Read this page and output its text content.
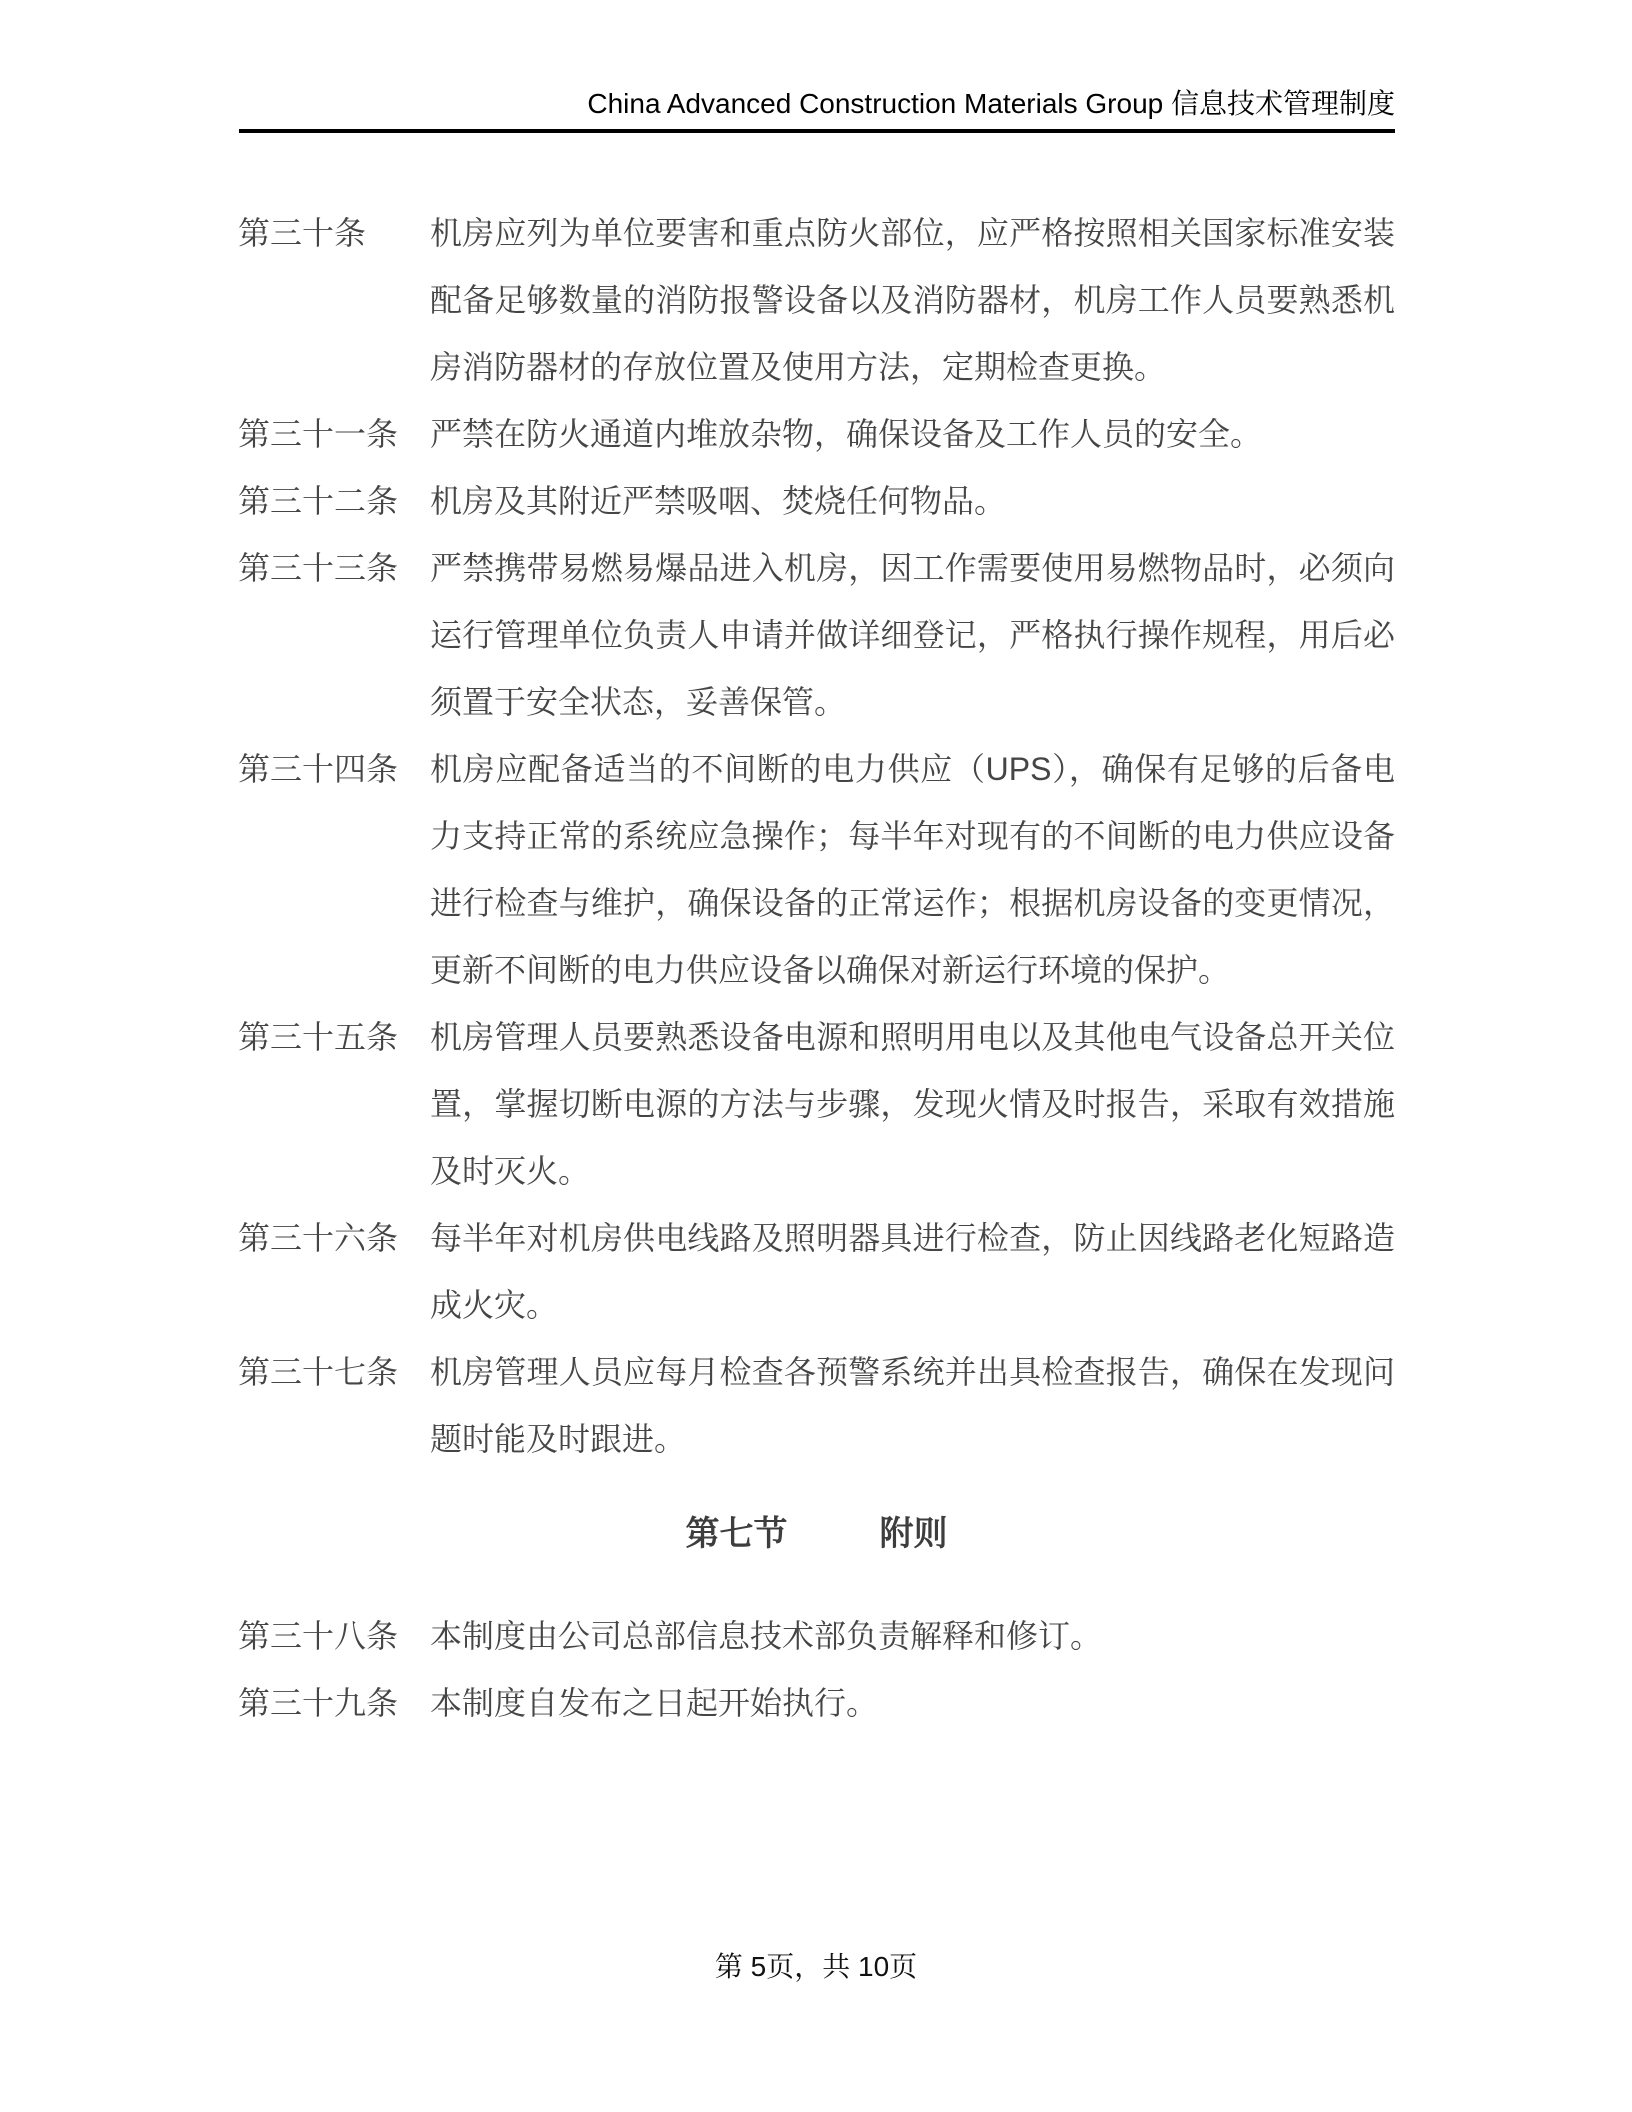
China Advanced Construction Materials Group 信息技术管理制度
第三十条	机房应列为单位要害和重点防火部位，应严格按照相关国家标准安装配备足够数量的消防报警设备以及消防器材，机房工作人员要熟悉机房消防器材的存放位置及使用方法，定期检查更换。
第三十一条 严禁在防火通道内堆放杂物，确保设备及工作人员的安全。
第三十二条 机房及其附近严禁吸咽、焚烧任何物品。
第三十三条 严禁携带易燃易爆品进入机房，因工作需要使用易燃物品时，必须向运行管理单位负责人申请并做详细登记，严格执行操作规程，用后必须置于安全状态，妥善保管。
第三十四条 机房应配备适当的不间断的电力供应（UPS），确保有足够的后备电力支持正常的系统应急操作；每半年对现有的不间断的电力供应设备进行检查与维护，确保设备的正常运作；根据机房设备的变更情况，更新不间断的电力供应设备以确保对新运行环境的保护。
第三十五条 机房管理人员要熟悉设备电源和照明用电以及其他电气设备总开关位置，掌握切断电源的方法与步骤，发现火情及时报告，采取有效措施及时灭火。
第三十六条 每半年对机房供电线路及照明器具进行检查，防止因线路老化短路造成火灾。
第三十七条 机房管理人员应每月检查各预警系统并出具检查报告，确保在发现问题时能及时跟进。
第七节	附则
第三十八条 本制度由公司总部信息技术部负责解释和修订。
第三十九条 本制度自发布之日起开始执行。
第 5页，共 10页
